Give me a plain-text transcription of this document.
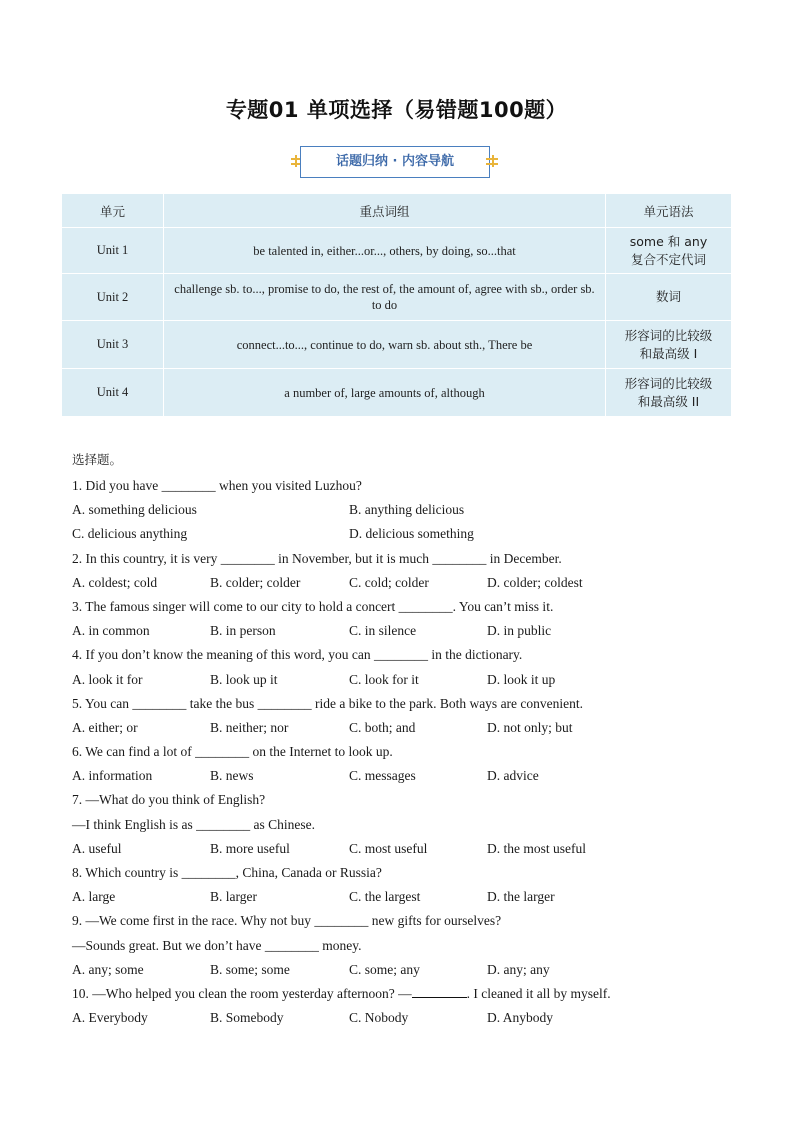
专题01 单项选择（易错题100题）
话题归纳 · 内容导航
单元	重点词组	单元语法
Unit 1	be talented in, either...or..., others, by doing, so...that	some 和 any
复合不定代词
Unit 2	challenge sb. to..., promise to do, the rest of, the amount of, agree with sb., order sb. to do	数词
Unit 3	connect...to..., continue to do, warn sb. about sth., There be	形容词的比较级
和最高级 I
Unit 4	a number of, large amounts of, although	形容词的比较级
和最高级 II
选择题。
1. Did you have ________ when you visited Luzhou?
A. something delicious	B. anything delicious
C. delicious anything	D. delicious something
2. In this country, it is very ________ in November, but it is much ________ in December.
A. coldest; cold	B. colder; colder	C. cold; colder	D. colder; coldest
3. The famous singer will come to our city to hold a concert ________. You can’t miss it.
A. in common	B. in person	C. in silence	D. in public
4. If you don’t know the meaning of this word, you can ________ in the dictionary.
A. look it for	B. look up it	C. look for it	D. look it up
5. You can ________ take the bus ________ ride a bike to the park. Both ways are convenient.
A. either; or	B. neither; nor	C. both; and	D. not only; but
6. We can find a lot of ________ on the Internet to look up.
A. information	B. news	C. messages	D. advice
7. —What do you think of English?
—I think English is as ________ as Chinese.
A. useful	B. more useful	C. most useful	D. the most useful
8. Which country is ________, China, Canada or Russia?
A. large	B. larger	C. the largest	D. the larger
9. —We come first in the race. Why not buy ________ new gifts for ourselves?
—Sounds great. But we don’t have ________ money.
A. any; some	B. some; some	C. some; any	D. any; any
10. —Who helped you clean the room yesterday afternoon? —	. I cleaned it all by myself.
A. Everybody	B. Somebody	C. Nobody	D. Anybody
